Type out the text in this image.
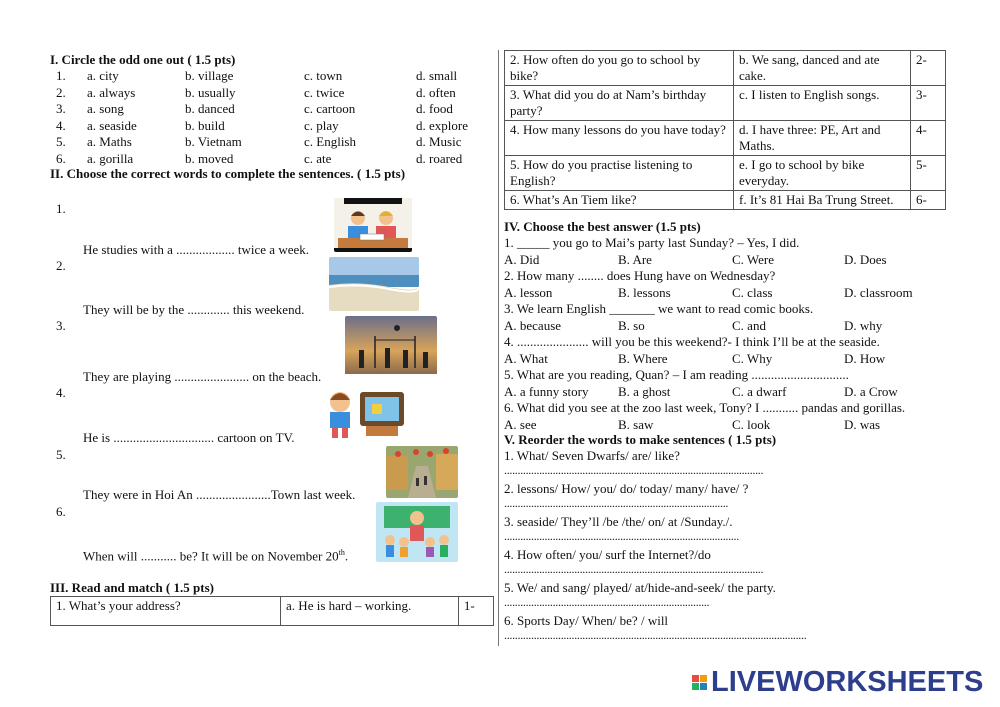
I. Circle the odd one out ( 1.5 pts)
1. a. city	b. village	c. town	d. small
2. a. always	b. usually	c. twice	d. often
3. a. song	b. danced	c. cartoon	d. food
4. a. seaside	b. build	c. play	d. explore
5. a. Maths	b. Vietnam	c. English	d. Music
6. a. gorilla	b. moved	c. ate	d. roared
II. Choose the correct words to complete the sentences. ( 1.5 pts)
1.
He studies with a .................. twice a week.
2.
They will be by the ............. this weekend.
3.
They are playing ....................... on the beach.
4.
He is ............................... cartoon on TV.
5.
They were in Hoi An .......................Town last week.
6.
When will ........... be? It will be on November 20th.
III. Read and match ( 1.5 pts)
1. What’s your address?	a. He is hard – working.	1-
2. How often do you go to school by bike?	b. We sang, danced and ate cake.	2-
3. What did you do at Nam’s birthday party?	c. I listen to English songs.	3-
4. How many lessons do you have today?	d. I have three: PE, Art and Maths.	4-
5. How do you practise listening to English?	e. I go to school by bike everyday.	5-
6. What’s An Tiem like?	f. It’s 81 Hai Ba Trung Street.	6-
IV. Choose the best answer (1.5 pts)
1. _____ you go to Mai’s party last Sunday? – Yes, I did.
A. Did	B. Are	C. Were	D. Does
2. How many ........ does Hung have on Wednesday?
A. lesson	B. lessons	C. class	D. classroom
3. We learn English _______ we want to read comic books.
A. because	B. so	C. and	D. why
4. ...................... will you be this weekend?- I think I’ll be at the seaside.
A. What	B. Where	C. Why	D. How
5. What are you reading, Quan? – I am reading ..............................
A. a funny story B. a ghost	C. a dwarf	D. a Crow
6. What did you see at the zoo last week, Tony? I ........... pandas and gorillas.
A. see	B. saw	C. look	D. was
V. Reorder the words to make sentences ( 1.5 pts)
1. What/ Seven Dwarfs/ are/ like?
................................................................................................
2. lessons/ How/ you/ do/ today/ many/ have/ ?
...................................................................................
3. seaside/ They’ll /be /the/ on/ at /Sunday./.
.......................................................................................
4. How often/ you/ surf the Internet?/do
................................................................................................
5. We/ and sang/ played/ at/hide-and-seek/ the party.
............................................................................
6. Sports Day/ When/ be? / will
................................................................................................................
LIVEWORKSHEETS
